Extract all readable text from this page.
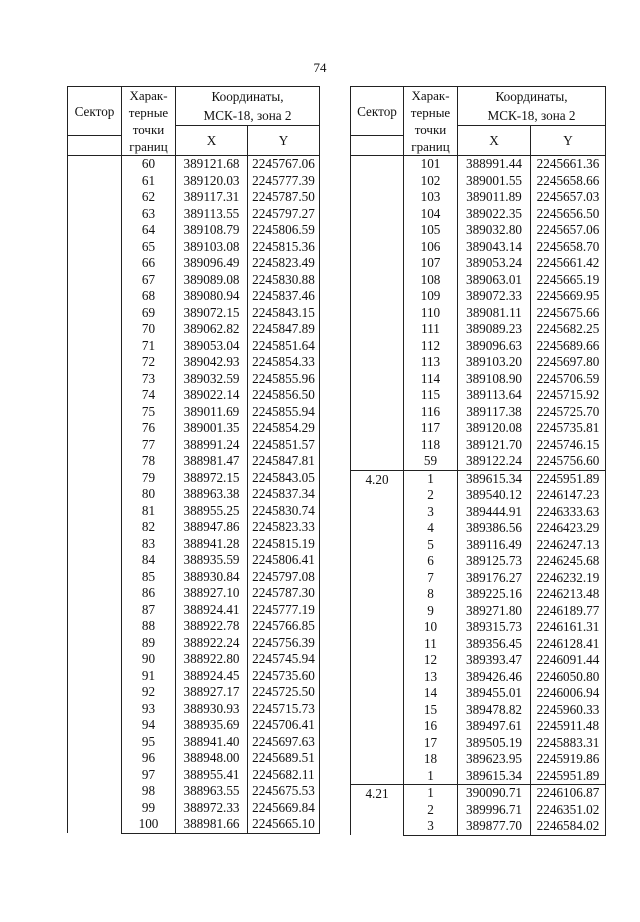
74
Сектор	Харак-
терные
точки
границ	Координаты,
МСК-18, зона 2	
		X	Y

	60	389121.68	2245767.06
	61	389120.03	2245777.39
	62	389117.31	2245787.50
	63	389113.55	2245797.27
	64	389108.79	2245806.59
	65	389103.08	2245815.36
	66	389096.49	2245823.49
	67	389089.08	2245830.88
	68	389080.94	2245837.46
	69	389072.15	2245843.15
	70	389062.82	2245847.89
	71	389053.04	2245851.64
	72	389042.93	2245854.33
	73	389032.59	2245855.96
	74	389022.14	2245856.50
	75	389011.69	2245855.94
	76	389001.35	2245854.29
	77	388991.24	2245851.57
	78	388981.47	2245847.81
	79	388972.15	2245843.05
	80	388963.38	2245837.34
	81	388955.25	2245830.74
	82	388947.86	2245823.33
	83	388941.28	2245815.19
	84	388935.59	2245806.41
	85	388930.84	2245797.08
	86	388927.10	2245787.30
	87	388924.41	2245777.19
	88	388922.78	2245766.85
	89	388922.24	2245756.39
	90	388922.80	2245745.94
	91	388924.45	2245735.60
	92	388927.17	2245725.50
	93	388930.93	2245715.73
	94	388935.69	2245706.41
	95	388941.40	2245697.63
	96	388948.00	2245689.51
	97	388955.41	2245682.11
	98	388963.55	2245675.53
	99	388972.33	2245669.84
	100	388981.66	2245665.10
Сектор	Харак-
терные
точки
границ	Координаты,
МСК-18, зона 2	
		X	Y

	101	388991.44	2245661.36
	102	389001.55	2245658.66
	103	389011.89	2245657.03
	104	389022.35	2245656.50
	105	389032.80	2245657.06
	106	389043.14	2245658.70
	107	389053.24	2245661.42
	108	389063.01	2245665.19
	109	389072.33	2245669.95
	110	389081.11	2245675.66
	111	389089.23	2245682.25
	112	389096.63	2245689.66
	113	389103.20	2245697.80
	114	389108.90	2245706.59
	115	389113.64	2245715.92
	116	389117.38	2245725.70
	117	389120.08	2245735.81
	118	389121.70	2245746.15
	59	389122.24	2245756.60
4.20	1	389615.34	2245951.89
	2	389540.12	2246147.23
	3	389444.91	2246333.63
	4	389386.56	2246423.29
	5	389116.49	2246247.13
	6	389125.73	2246245.68
	7	389176.27	2246232.19
	8	389225.16	2246213.48
	9	389271.80	2246189.77
	10	389315.73	2246161.31
	11	389356.45	2246128.41
	12	389393.47	2246091.44
	13	389426.46	2246050.80
	14	389455.01	2246006.94
	15	389478.82	2245960.33
	16	389497.61	2245911.48
	17	389505.19	2245883.31
	18	389623.95	2245919.86
	1	389615.34	2245951.89
4.21	1	390090.71	2246106.87
	2	389996.71	2246351.02
	3	389877.70	2246584.02
